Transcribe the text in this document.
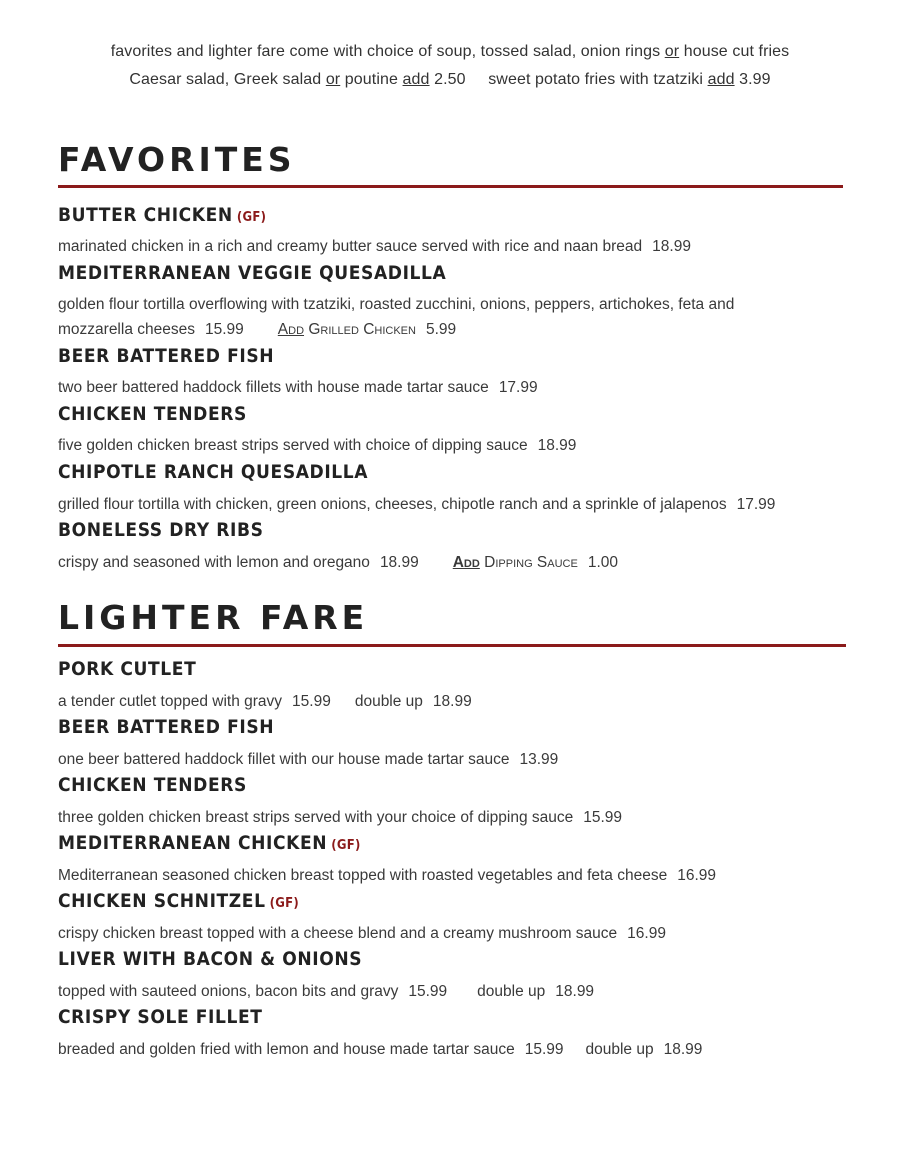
favorites and lighter fare come with choice of soup, tossed salad, onion rings or house cut fries
Caesar salad, Greek salad or poutine add 2.50 sweet potato fries with tzatziki add 3.99
FAVORITES
BUTTER CHICKEN (GF)
marinated chicken in a rich and creamy butter sauce served with rice and naan bread 18.99
MEDITERRANEAN VEGGIE QUESADILLA
golden flour tortilla overflowing with tzatziki, roasted zucchini, onions, peppers, artichokes, feta and
mozzarella cheeses 15.99 Add Grilled Chicken 5.99
BEER BATTERED FISH
two beer battered haddock fillets with house made tartar sauce 17.99
CHICKEN TENDERS
five golden chicken breast strips served with choice of dipping sauce 18.99
CHIPOTLE RANCH QUESADILLA
grilled flour tortilla with chicken, green onions, cheeses, chipotle ranch and a sprinkle of jalapenos 17.99
BONELESS DRY RIBS
crispy and seasoned with lemon and oregano 18.99 Add Dipping Sauce 1.00
LIGHTER FARE
PORK CUTLET
a tender cutlet topped with gravy 15.99 double up 18.99
BEER BATTERED FISH
one beer battered haddock fillet with our house made tartar sauce 13.99
CHICKEN TENDERS
three golden chicken breast strips served with your choice of dipping sauce 15.99
MEDITERRANEAN CHICKEN (GF)
Mediterranean seasoned chicken breast topped with roasted vegetables and feta cheese 16.99
CHICKEN SCHNITZEL (GF)
crispy chicken breast topped with a cheese blend and a creamy mushroom sauce 16.99
LIVER WITH BACON & ONIONS
topped with sauteed onions, bacon bits and gravy 15.99 double up 18.99
CRISPY SOLE FILLET
breaded and golden fried with lemon and house made tartar sauce 15.99 double up 18.99
